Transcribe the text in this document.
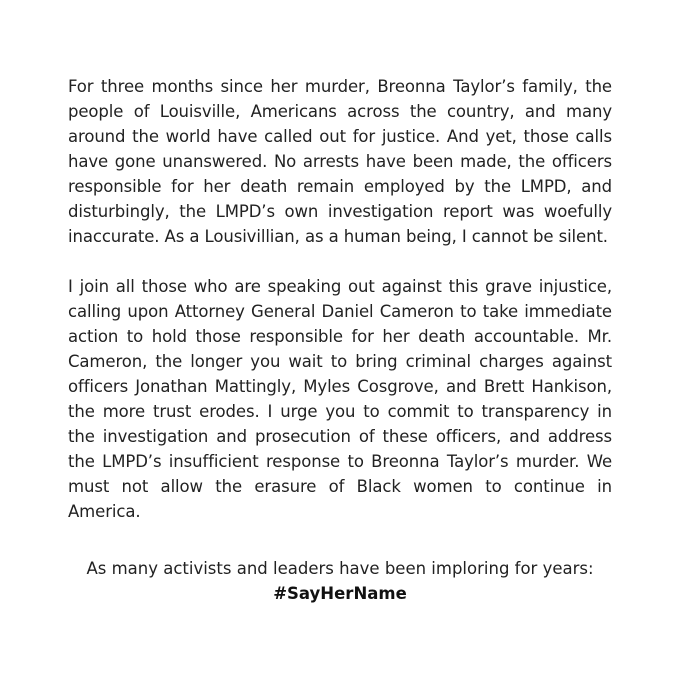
For three months since her murder, Breonna Taylor’s family, the people of Louisville, Americans across the country, and many around the world have called out for justice. And yet, those calls have gone unanswered. No arrests have been made, the officers responsible for her death remain employed by the LMPD, and disturbingly, the LMPD’s own investigation report was woefully inaccurate. As a Lousivillian, as a human being, I cannot be silent.

I join all those who are speaking out against this grave injustice, calling upon Attorney General Daniel Cameron to take immediate action to hold those responsible for her death accountable. Mr. Cameron, the longer you wait to bring criminal charges against officers Jonathan Mattingly, Myles Cosgrove, and Brett Hankison, the more trust erodes. I urge you to commit to transparency in the investigation and prosecution of these officers, and address the LMPD’s insufficient response to Breonna Taylor’s murder. We must not allow the erasure of Black women to continue in America.

As many activists and leaders have been imploring for years:
#SayHerName
